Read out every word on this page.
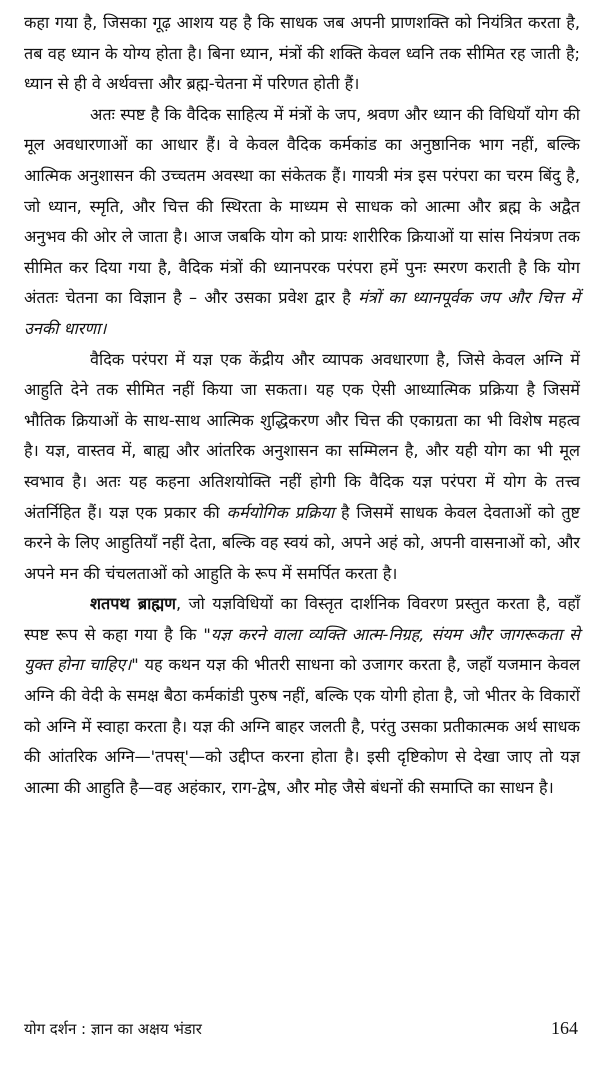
कहा गया है, जिसका गूढ़ आशय यह है कि साधक जब अपनी प्राणशक्ति को नियंत्रित करता है, तब वह ध्यान के योग्य होता है। बिना ध्यान, मंत्रों की शक्ति केवल ध्वनि तक सीमित रह जाती है; ध्यान से ही वे अर्थवत्ता और ब्रह्म-चेतना में परिणत होती हैं।

अतः स्पष्ट है कि वैदिक साहित्य में मंत्रों के जप, श्रवण और ध्यान की विधियाँ योग की मूल अवधारणाओं का आधार हैं। वे केवल वैदिक कर्मकांड का अनुष्ठानिक भाग नहीं, बल्कि आत्मिक अनुशासन की उच्चतम अवस्था का संकेतक हैं। गायत्री मंत्र इस परंपरा का चरम बिंदु है, जो ध्यान, स्मृति, और चित्त की स्थिरता के माध्यम से साधक को आत्मा और ब्रह्म के अद्वैत अनुभव की ओर ले जाता है। आज जबकि योग को प्रायः शारीरिक क्रियाओं या सांस नियंत्रण तक सीमित कर दिया गया है, वैदिक मंत्रों की ध्यानपरक परंपरा हमें पुनः स्मरण कराती है कि योग अंततः चेतना का विज्ञान है – और उसका प्रवेश द्वार है मंत्रों का ध्यानपूर्वक जप और चित्त में उनकी धारणा।

वैदिक परंपरा में यज्ञ एक केंद्रीय और व्यापक अवधारणा है, जिसे केवल अग्नि में आहुति देने तक सीमित नहीं किया जा सकता। यह एक ऐसी आध्यात्मिक प्रक्रिया है जिसमें भौतिक क्रियाओं के साथ-साथ आत्मिक शुद्धिकरण और चित्त की एकाग्रता का भी विशेष महत्व है। यज्ञ, वास्तव में, बाह्य और आंतरिक अनुशासन का सम्मिलन है, और यही योग का भी मूल स्वभाव है। अतः यह कहना अतिशयोक्ति नहीं होगी कि वैदिक यज्ञ परंपरा में योग के तत्त्व अंतर्निहित हैं। यज्ञ एक प्रकार की कर्मयोगिक प्रक्रिया है जिसमें साधक केवल देवताओं को तुष्ट करने के लिए आहुतियाँ नहीं देता, बल्कि वह स्वयं को, अपने अहं को, अपनी वासनाओं को, और अपने मन की चंचलताओं को आहुति के रूप में समर्पित करता है।

शतपथ ब्राह्मण, जो यज्ञविधियों का विस्तृत दार्शनिक विवरण प्रस्तुत करता है, वहाँ स्पष्ट रूप से कहा गया है कि "यज्ञ करने वाला व्यक्ति आत्म-निग्रह, संयम और जागरूकता से युक्त होना चाहिए।" यह कथन यज्ञ की भीतरी साधना को उजागर करता है, जहाँ यजमान केवल अग्नि की वेदी के समक्ष बैठा कर्मकांडी पुरुष नहीं, बल्कि एक योगी होता है, जो भीतर के विकारों को अग्नि में स्वाहा करता है। यज्ञ की अग्नि बाहर जलती है, परंतु उसका प्रतीकात्मक अर्थ साधक की आंतरिक अग्नि—'तपस्'—को उद्दीप्त करना होता है। इसी दृष्टिकोण से देखा जाए तो यज्ञ आत्मा की आहुति है—वह अहंकार, राग-द्वेष, और मोह जैसे बंधनों की समाप्ति का साधन है।

योग दर्शन : ज्ञान का अक्षय भंडार	164
